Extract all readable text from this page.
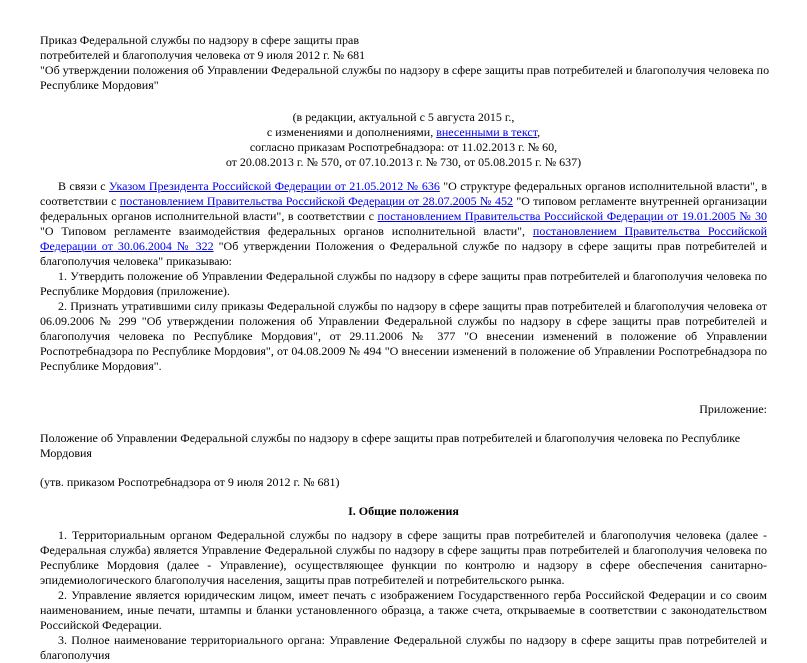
Приказ Федеральной службы по надзору в сфере защиты прав
потребителей и благополучия человека от 9 июля 2012 г. № 681
"Об утверждении положения об Управлении Федеральной службы по надзору в сфере защиты прав потребителей и благополучия человека по
Республике Мордовия"
(в редакции, актуальной с 5 августа 2015 г.,
с изменениями и дополнениями, внесенными в текст,
согласно приказам Роспотребнадзора: от 11.02.2013 г. № 60,
от 20.08.2013 г. № 570, от 07.10.2013 г. № 730, от 05.08.2015 г. № 637)

В связи с Указом Президента Российской Федерации от 21.05.2012 № 636 "О структуре федеральных органов исполнительной власти", в соответствии с постановлением Правительства Российской Федерации от 28.07.2005 № 452 "О типовом регламенте внутренней организации федеральных органов исполнительной власти", в соответствии с постановлением Правительства Российской Федерации от 19.01.2005 № 30 "О Типовом регламенте взаимодействия федеральных органов исполнительной власти", постановлением Правительства Российской Федерации от 30.06.2004 № 322 "Об утверждении Положения о Федеральной службе по надзору в сфере защиты прав потребителей и благополучия человека" приказываю:

1. Утвердить положение об Управлении Федеральной службы по надзору в сфере защиты прав потребителей и благополучия человека по Республике Мордовия (приложение).

2. Признать утратившими силу приказы Федеральной службы по надзору в сфере защиты прав потребителей и благополучия человека от 06.09.2006 № 299 "Об утверждении положения об Управлении Федеральной службы по надзору в сфере защиты прав потребителей и благополучия человека по Республике Мордовия", от 29.11.2006 № 377 "О внесении изменений в положение об Управлении Роспотребнадзора по Республике Мордовия", от 04.08.2009 № 494 "О внесении изменений в положение об Управлении Роспотребнадзора по Республике Мордовия".

Приложение:

Положение об Управлении Федеральной службы по надзору в сфере защиты прав потребителей и благополучия человека по Республике Мордовия

(утв. приказом Роспотребнадзора от 9 июля 2012 г. № 681)

I. Общие положения

1. Территориальным органом Федеральной службы по надзору в сфере защиты прав потребителей и благополучия человека (далее - Федеральная служба) является Управление Федеральной службы по надзору в сфере защиты прав потребителей и благополучия человека по Республике Мордовия (далее - Управление), осуществляющее функции по контролю и надзору в сфере обеспечения санитарно-эпидемиологического благополучия населения, защиты прав потребителей и потребительского рынка.

2. Управление является юридическим лицом, имеет печать с изображением Государственного герба Российской Федерации и со своим наименованием, иные печати, штампы и бланки установленного образца, а также счета, открываемые в соответствии с законодательством Российской Федерации.

3. Полное наименование территориального органа: Управление Федеральной службы по надзору в сфере защиты прав потребителей и благополучия
